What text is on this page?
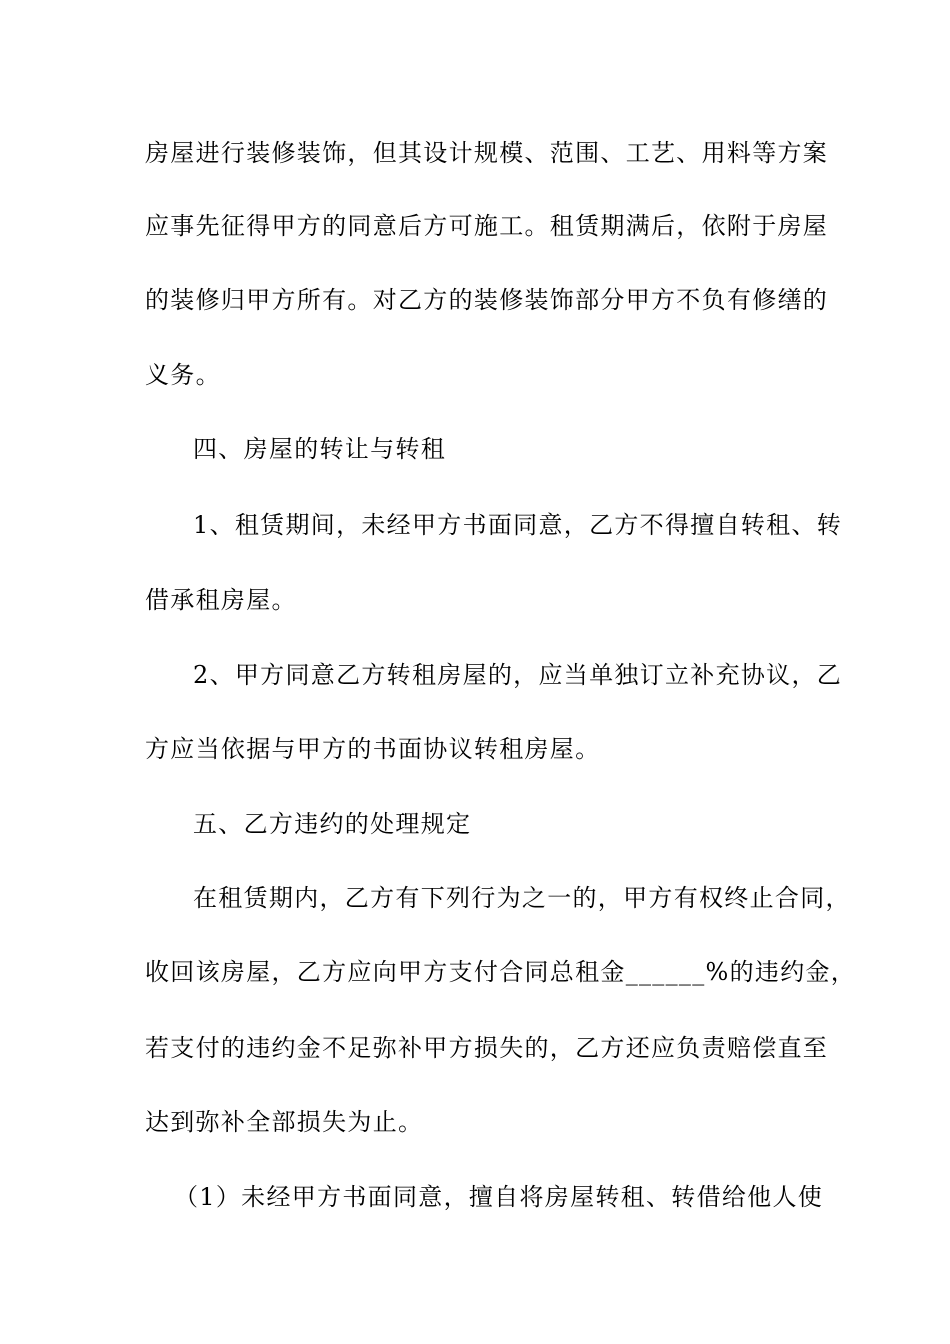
房屋进行装修装饰，但其设计规模、范围、工艺、用料等方案
应事先征得甲方的同意后方可施工。租赁期满后，依附于房屋
的装修归甲方所有。对乙方的装修装饰部分甲方不负有修缮的
义务。
四、房屋的转让与转租
1、租赁期间，未经甲方书面同意，乙方不得擅自转租、转
借承租房屋。
2、甲方同意乙方转租房屋的，应当单独订立补充协议，乙
方应当依据与甲方的书面协议转租房屋。
五、乙方违约的处理规定
在租赁期内，乙方有下列行为之一的，甲方有权终止合同，
收回该房屋，乙方应向甲方支付合同总租金______%的违约金，
若支付的违约金不足弥补甲方损失的，乙方还应负责赔偿直至
达到弥补全部损失为止。
（1）未经甲方书面同意，擅自将房屋转租、转借给他人使
